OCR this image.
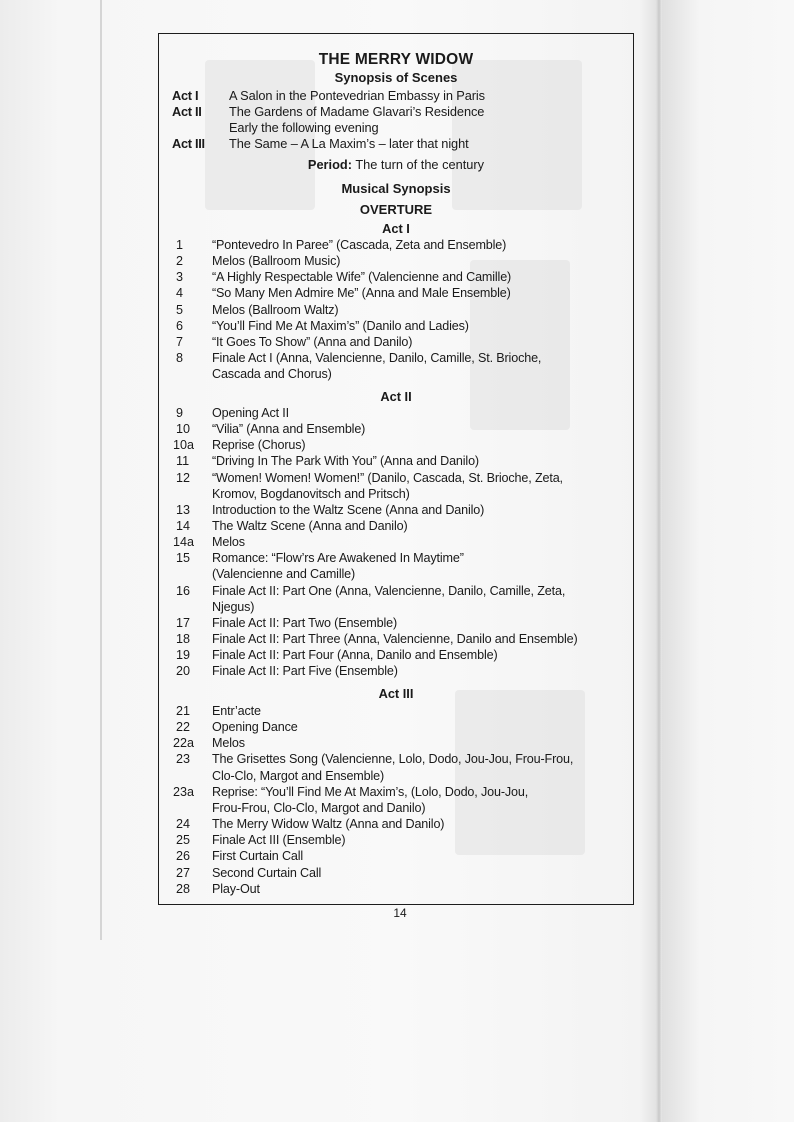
THE MERRY WIDOW
Synopsis of Scenes
Act I	A Salon in the Pontevedrian Embassy in Paris
Act II	The Gardens of Madame Glavari’s Residence
Early the following evening
Act III	The Same – A La Maxim’s – later that night
Period: The turn of the century
Musical Synopsis
OVERTURE
Act I
1	“Pontevedro In Paree” (Cascada, Zeta and Ensemble)
2	Melos (Ballroom Music)
3	“A Highly Respectable Wife” (Valencienne and Camille)
4	“So Many Men Admire Me” (Anna and Male Ensemble)
5	Melos (Ballroom Waltz)
6	“You’ll Find Me At Maxim’s” (Danilo and Ladies)
7	“It Goes To Show” (Anna and Danilo)
8	Finale Act I (Anna, Valencienne, Danilo, Camille, St. Brioche,
Cascada and Chorus)
Act II
9	Opening Act II
10	“Vilia” (Anna and Ensemble)
10a	Reprise (Chorus)
11	“Driving In The Park With You” (Anna and Danilo)
12	“Women! Women! Women!” (Danilo, Cascada, St. Brioche, Zeta,
Kromov, Bogdanovitsch and Pritsch)
13	Introduction to the Waltz Scene (Anna and Danilo)
14	The Waltz Scene (Anna and Danilo)
14a	Melos
15	Romance: “Flow’rs Are Awakened In Maytime”
(Valencienne and Camille)
16	Finale Act II: Part One (Anna, Valencienne, Danilo, Camille, Zeta,
Njegus)
17	Finale Act II: Part Two (Ensemble)
18	Finale Act II: Part Three (Anna, Valencienne, Danilo and Ensemble)
19	Finale Act II: Part Four (Anna, Danilo and Ensemble)
20	Finale Act II: Part Five (Ensemble)
Act III
21	Entr’acte
22	Opening Dance
22a	Melos
23	The Grisettes Song (Valencienne, Lolo, Dodo, Jou-Jou, Frou-Frou,
Clo-Clo, Margot and Ensemble)
23a	Reprise: “You’ll Find Me At Maxim’s, (Lolo, Dodo, Jou-Jou,
Frou-Frou, Clo-Clo, Margot and Danilo)
24	The Merry Widow Waltz (Anna and Danilo)
25	Finale Act III (Ensemble)
26	First Curtain Call
27	Second Curtain Call
28	Play-Out
14
